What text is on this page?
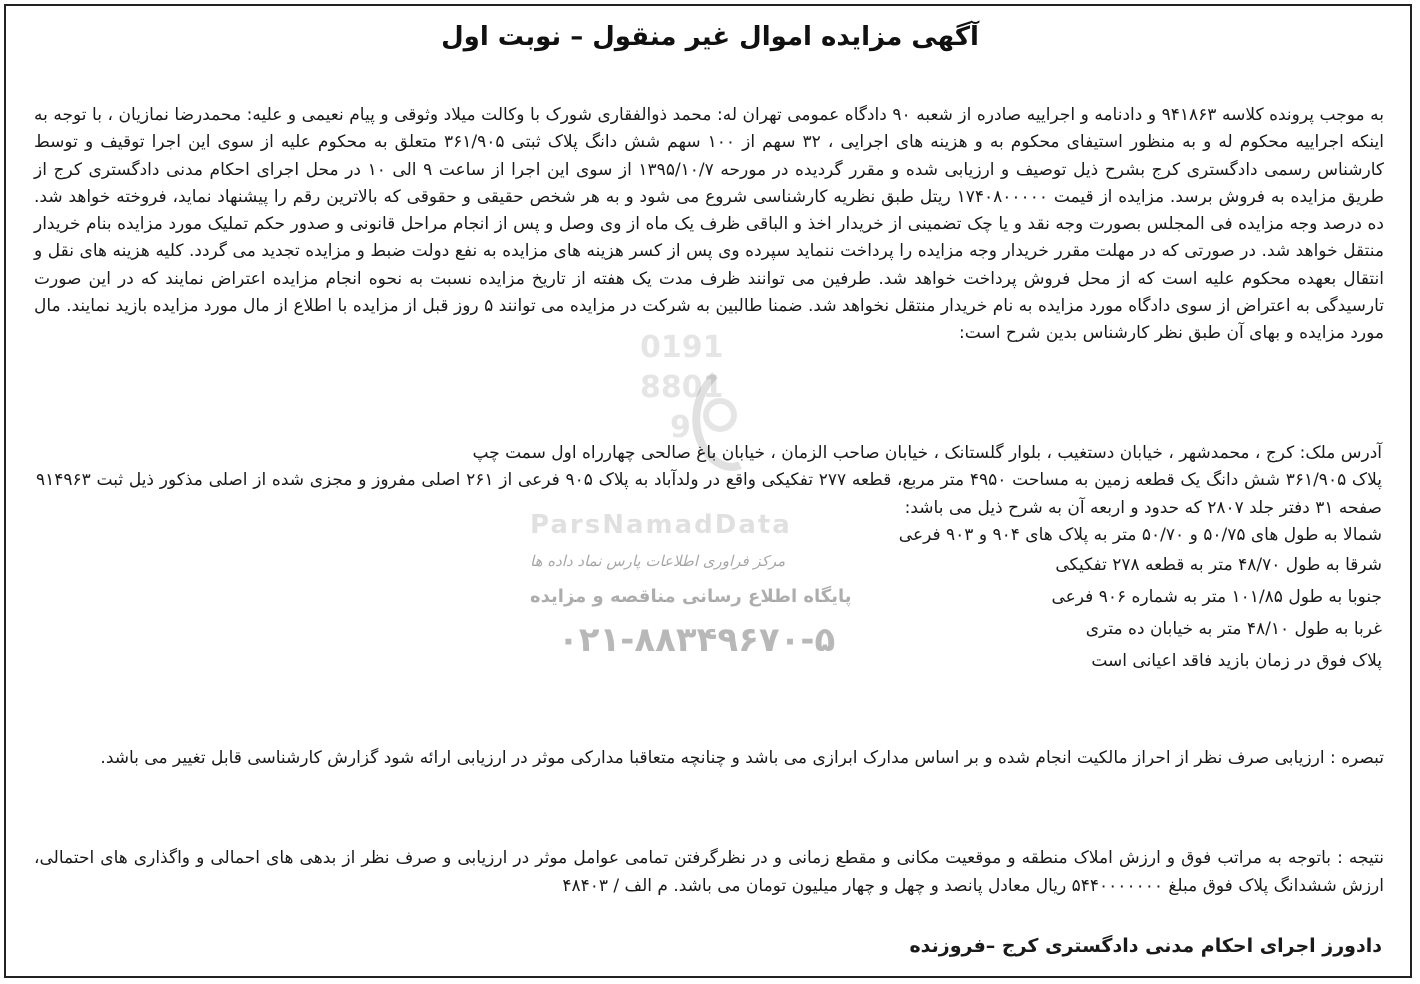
آگهی مزایده اموال غیر منقول – نوبت اول

به موجب پرونده کلاسه ۹۴۱۸۶۳ و دادنامه و اجراییه صادره از شعبه ۹۰ دادگاه عمومی تهران له: محمد ذوالفقاری شورک با وکالت میلاد وثوقی و پیام نعیمی و علیه: محمدرضا نمازیان ، با توجه به اینکه اجراییه محکوم له و به منظور استیفای محکوم به و هزینه های اجرایی ، ۳۲ سهم از ۱۰۰ سهم شش دانگ پلاک ثبتی ۳۶۱/۹۰۵ متعلق به محکوم علیه از سوی این اجرا توقیف و توسط کارشناس رسمی دادگستری کرج بشرح ذیل توصیف و ارزیابی شده و مقرر گردیده در مورحه ۱۳۹۵/۱۰/۷ از سوی این اجرا از ساعت ۹ الی ۱۰ در محل اجرای احکام مدنی دادگستری کرج از طریق مزایده به فروش برسد. مزایده از قیمت ۱۷۴۰۸۰۰۰۰۰ ریتل طبق نظریه کارشناسی شروع می شود و به هر شخص حقیقی و حقوقی که بالاترین رقم را پیشنهاد نماید، فروخته خواهد شد. ده درصد وجه مزایده فی المجلس بصورت وجه نقد و یا چک تضمینی از خریدار اخذ و الباقی ظرف یک ماه از وی وصل و پس از انجام مراحل قانونی و صدور حکم تملیک مورد مزایده بنام خریدار منتقل خواهد شد. در صورتی که در مهلت مقرر خریدار وجه مزایده را پرداخت ننماید سپرده وی پس از کسر هزینه های مزایده به نفع دولت ضبط و مزایده تجدید می گردد. کلیه هزینه های نقل و انتقال بعهده محکوم علیه است که از محل فروش پرداخت خواهد شد. طرفین می توانند ظرف مدت یک هفته از تاریخ مزایده نسبت به نحوه انجام مزایده اعتراض نمایند که در این صورت تارسیدگی به اعتراض از سوی دادگاه مورد مزایده به نام خریدار منتقل نخواهد شد. ضمنا طالبین به شرکت در مزایده می توانند ۵ روز قبل از مزایده با اطلاع از مال مورد مزایده بازید نمایند. مال مورد مزایده و بهای آن طبق نظر کارشناس بدین شرح است:

آدرس ملک: کرج ، محمدشهر ، خیابان دستغیب ، بلوار گلستانک ، خیابان صاحب الزمان ، خیابان باغ صالحی چهارراه اول سمت چپ
پلاک ۳۶۱/۹۰۵ شش دانگ یک قطعه زمین به مساحت ۴۹۵۰ متر مربع، قطعه ۲۷۷ تفکیکی واقع در ولدآباد به پلاک ۹۰۵ فرعی از ۲۶۱ اصلی مفروز و مجزی شده از اصلی مذکور ذیل ثبت ۹۱۴۹۶۳ صفحه ۳۱ دفتر جلد ۲۸۰۷ که حدود و اربعه آن به شرح ذیل می باشد:
شمالا به طول های ۵۰/۷۵ و ۵۰/۷۰ متر به پلاک های ۹۰۴ و ۹۰۳ فرعی
شرقا به طول ۴۸/۷۰ متر به قطعه ۲۷۸ تفکیکی
جنوبا به طول ۱۰۱/۸۵ متر به شماره ۹۰۶ فرعی
غربا به طول ۴۸/۱۰ متر به خیابان ده متری
پلاک فوق در زمان بازید فاقد اعیانی است
0191
8801
9
ParsNamadData
مرکز فراوری اطلاعات پارس نماد داده ها
پایگاه اطلاع رسانی مناقصه و مزایده
۰۲۱-۸۸۳۴۹۶۷۰-۵
تبصره : ارزیابی صرف نظر از احراز مالکیت انجام شده و بر اساس مدارک ابرازی می باشد و چنانچه متعاقبا مدارکی موثر در ارزیابی ارائه شود گزارش کارشناسی قابل تغییر می باشد.
نتیجه : باتوجه به مراتب فوق و ارزش املاک منطقه و موقعیت مکانی و مقطع زمانی و در نظرگرفتن تمامی عوامل موثر در ارزیابی و صرف نظر از بدهی های احمالی و واگذاری های احتمالی، ارزش ششدانگ پلاک فوق مبلغ ۵۴۴۰۰۰۰۰۰۰ ریال معادل پانصد و چهل و چهار میلیون تومان می باشد. م الف / ۴۸۴۰۳
دادورز اجرای احکام مدنی دادگستری کرج –فروزنده
